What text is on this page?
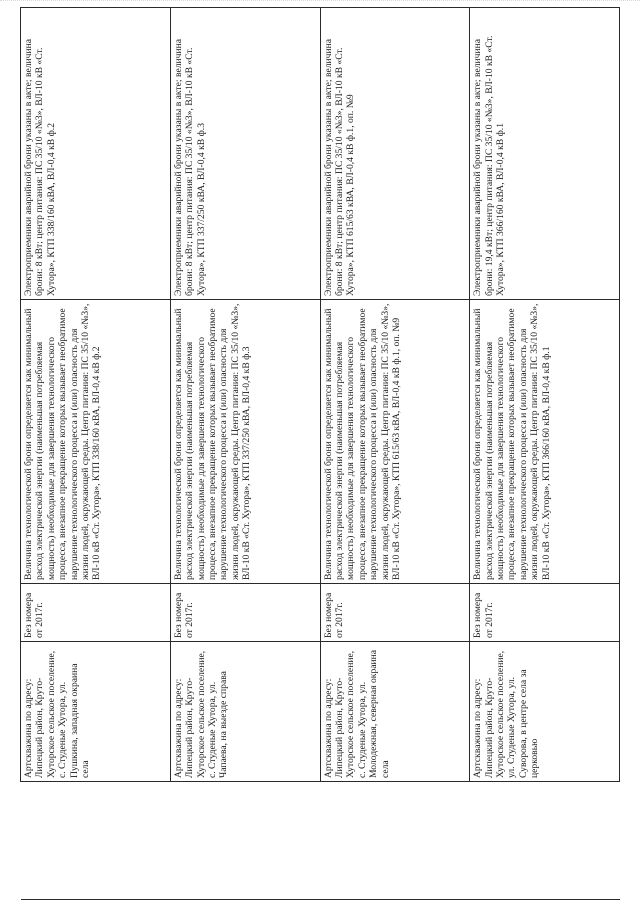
	Артскважина по адресу: Липецкий район, Круто-Хуторское сельское поселение, с. Студеные Хутора, ул. Пушкина, западная окраина села	Без номера от 2017г.	Величина технологической брони определяется как минимальный расход электрической энергии (наименьшая потребляемая мощность) необходимые для завершения технологического процесса, внезапное прекращение которых вызывает необратимое нарушение технологического процесса и (или) опасность для жизни людей, окружающей среды. Центр питания: ПС 35/10 «№3», ВЛ-10 кВ «Ст. Хутора», КТП 338/160 кВА, ВЛ-0,4 кВ ф.2	Электроприемники аварийной брони указаны в акте; величина брони: 8 кВт; центр питания: ПС 35/10 «№3», ВЛ-10 кВ «Ст. Хутора», КТП 338/160 кВА, ВЛ-0,4 кВ ф.2
	Артскважина по адресу: Липецкий район, Круто-Хуторское сельское поселение, с. Студеные Хутора, ул. Чапаева, на выезде справа	Без номера от 2017г.	Величина технологической брони определяется как минимальный расход электрической энергии (наименьшая потребляемая мощность) необходимые для завершения технологического процесса, внезапное прекращение которых вызывает необратимое нарушение технологического процесса и (или) опасность для жизни людей, окружающей среды. Центр питания: ПС 35/10 «№3», ВЛ-10 кВ «Ст. Хутора», КТП 337/250 кВА, ВЛ-0,4 кВ ф.3	Электроприемники аварийной брони указаны в акте; величина брони: 8 кВт; центр питания: ПС 35/10 «№3», ВЛ-10 кВ «Ст. Хутора», КТП 337/250 кВА, ВЛ-0,4 кВ ф.3
	Артскважина по адресу: Липецкий район, Круто-Хуторское сельское поселение, с. Студеные Хутора, ул. Молодежная, северная окраина села	Без номера от 2017г.	Величина технологической брони определяется как минимальный расход электрической энергии (наименьшая потребляемая мощность) необходимые для завершения технологического процесса, внезапное прекращение которых вызывает необратимое нарушение технологического процесса и (или) опасность для жизни людей, окружающей среды. Центр питания: ПС 35/10 «№3», ВЛ-10 кВ «Ст. Хутора», КТП 615/63 кВА, ВЛ-0,4 кВ ф.1, оп. №9	Электроприемники аварийной брони указаны в акте; величина брони: 8 кВт; центр питания: ПС 35/10 «№3», ВЛ-10 кВ «Ст. Хутора», КТП 615/63 кВА, ВЛ-0,4 кВ ф.1, оп. №9
	Артскважина по адресу: Липецкий район, Круто-Хуторское сельское поселение, ул. Студеные Хутора, ул. Суворова, в центре села за церковью	Без номера от 2017г.	Величина технологической брони определяется как минимальный расход электрической энергии (наименьшая потребляемая мощность) необходимые для завершения технологического процесса, внезапное прекращение которых вызывает необратимое нарушение технологического процесса и (или) опасность для жизни людей, окружающей среды. Центр питания: ПС 35/10 «№3», ВЛ-10 кВ «Ст. Хутора», КТП 366/160 кВА, ВЛ-0,4 кВ ф.1	Электроприемники аварийной брони указаны в акте; величина брони: 19,4 кВт; центр питания: ПС 35/10 «№3», ВЛ-10 кВ «Ст. Хутора», КТП 366/160 кВА, ВЛ-0,4 кВ ф.1
